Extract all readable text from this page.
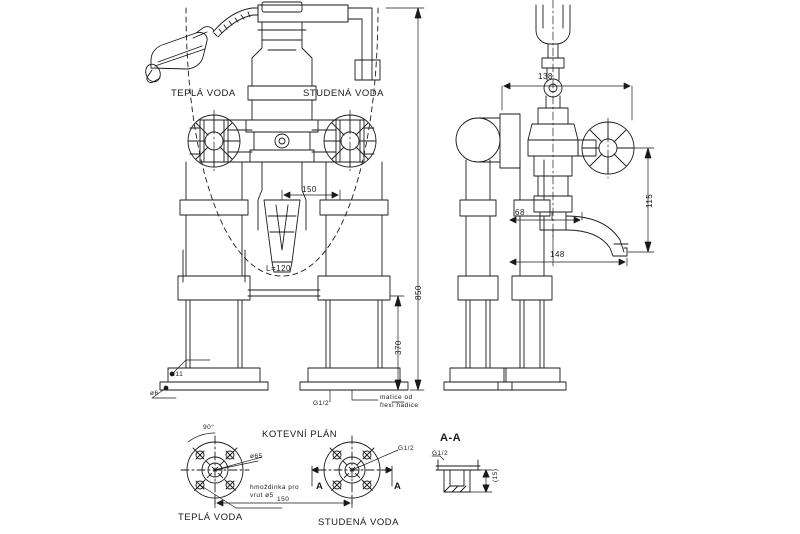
TEPLÁ VODA	STUDENÁ VODA
150
L=120
850
370
ø11
ø6
G1/2
matice od
flexi hadice
138
115
68
148
KOTEVNÍ PLÁN
90°
ø65
G1/2
hmoždinka pro
vrut ø5
150
TEPLÁ VODA	STUDENÁ VODA
A	A
A-A
G1/2
(15)
